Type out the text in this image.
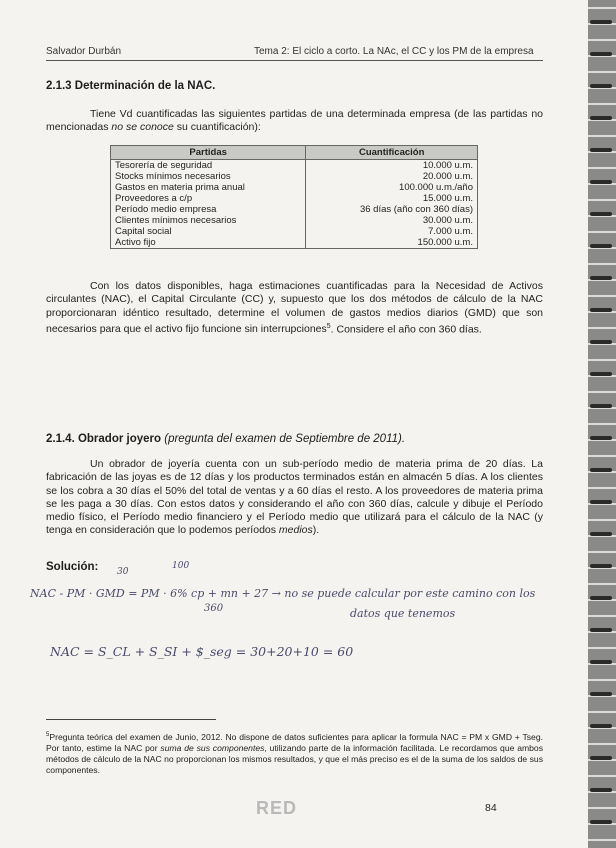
Salvador Durbán	Tema 2: El ciclo a corto. La NAc, el CC y los PM de la empresa
2.1.3 Determinación de la NAC.

Tiene Vd cuantificadas las siguientes partidas de una determinada empresa (de las partidas no mencionadas no se conoce su cuantificación):

Partidas	Cuantificación
Tesorería de seguridad	10.000 u.m.
Stocks mínimos necesarios	20.000 u.m.
Gastos en materia prima anual	100.000 u.m./año
Proveedores a c/p	15.000 u.m.
Período medio empresa	36 días (año con 360 días)
Clientes mínimos necesarios	30.000 u.m.
Capital social	7.000 u.m.
Activo fijo	150.000 u.m.

Con los datos disponibles, haga estimaciones cuantificadas para la Necesidad de Activos circulantes (NAC), el Capital Circulante (CC) y, supuesto que los dos métodos de cálculo de la NAC proporcionaran idéntico resultado, determine el volumen de gastos medios diarios (GMD) que son necesarios para que el activo fijo funcione sin interrupciones$^5$. Considere el año con 360 días.

2.1.4. Obrador joyero (pregunta del examen de Septiembre de 2011).

Un obrador de joyería cuenta con un sub-período medio de materia prima de 20 días. La fabricación de las joyas es de 12 días y los productos terminados están en almacén 5 días. A los clientes se los cobra a 30 días el 50% del total de ventas y a 60 días el resto. A los proveedores de materia prima se les paga a 30 días. Con estos datos y considerando el año con 360 días, calcule y dibuje el Período medio físico, el Período medio financiero y el Período medio que utilizará para el cálculo de la NAC (y tenga en consideración que lo podemos períodos medios).

Solución: 30
100
NAC - PM · GMD = PM · 6% cp + mn + 27 → no se puede calcular por este camino con los
360	datos que tenemos
NAC = S_CL + S_SI + $_seg = 30+20+10 = 60

$^5$Pregunta teórica del examen de Junio, 2012. No dispone de datos suficientes para aplicar la formula NAC = PM x GMD + Tseg. Por tanto, estime la NAC por suma de sus componentes, utilizando parte de la información facilitada. Le recordamos que ambos métodos de cálculo de la NAC no proporcionan los mismos resultados, y que el más preciso es el de la suma de los saldos de sus componentes.

RED	84
